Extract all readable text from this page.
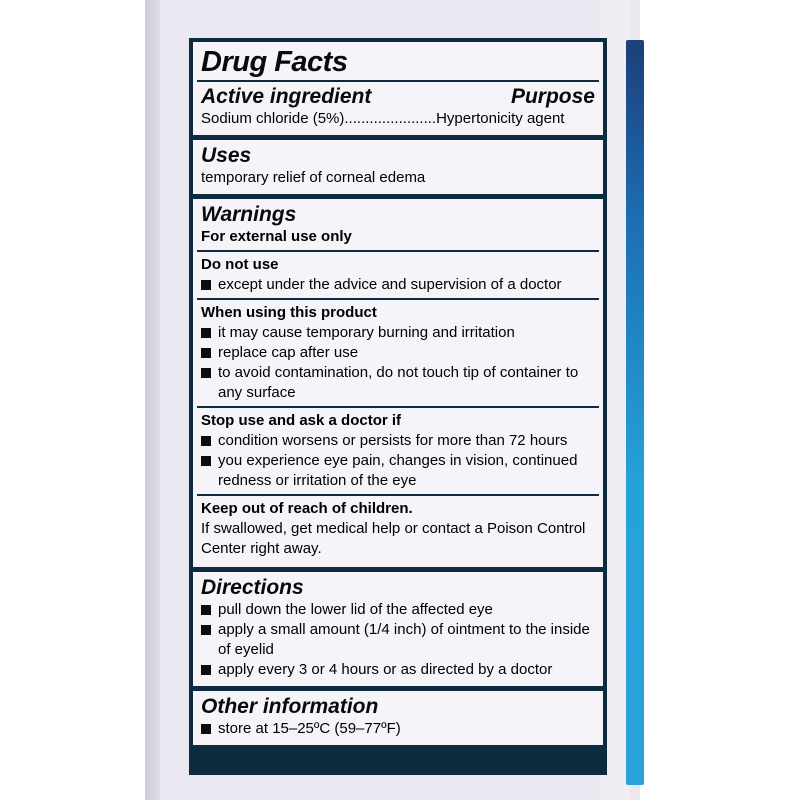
Drug Facts
Active ingredient	Purpose
Sodium chloride (5%)......................Hypertonicity agent
Uses
temporary relief of corneal edema
Warnings
For external use only
Do not use
except under the advice and supervision of a doctor
When using this product
it may cause temporary burning and irritation
replace cap after use
to avoid contamination, do not touch tip of container to any surface
Stop use and ask a doctor if
condition worsens or persists for more than 72 hours
you experience eye pain, changes in vision, continued redness or irritation of the eye
Keep out of reach of children.
If swallowed, get medical help or contact a Poison Control Center right away.
Directions
pull down the lower lid of the affected eye
apply a small amount (1/4 inch) of ointment to the inside of eyelid
apply every 3 or 4 hours or as directed by a doctor
Other information
store at 15–25ºC (59–77ºF)
